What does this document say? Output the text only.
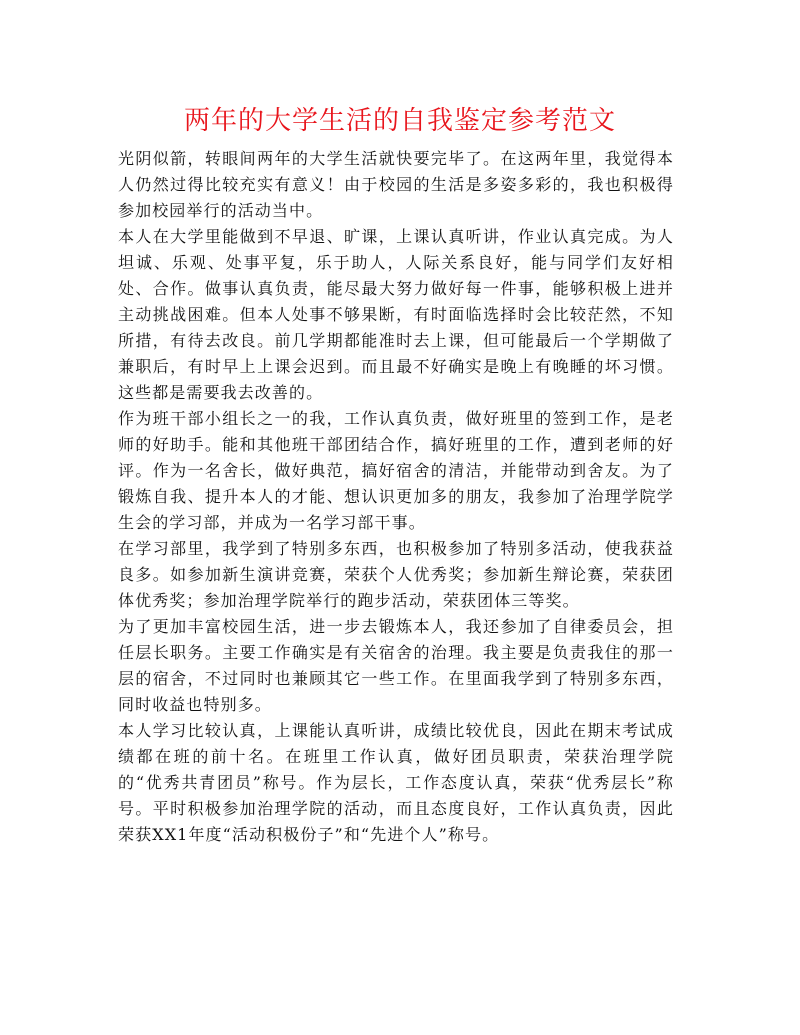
两年的大学生活的自我鉴定参考范文

光阴似箭，转眼间两年的大学生活就快要完毕了。在这两年里，我觉得本人仍然过得比较充实有意义！由于校园的生活是多姿多彩的，我也积极得参加校园举行的活动当中。

本人在大学里能做到不早退、旷课，上课认真听讲，作业认真完成。为人坦诚、乐观、处事平复，乐于助人，人际关系良好，能与同学们友好相处、合作。做事认真负责，能尽最大努力做好每一件事，能够积极上进并主动挑战困难。但本人处事不够果断，有时面临选择时会比较茫然，不知所措，有待去改良。前几学期都能准时去上课，但可能最后一个学期做了兼职后，有时早上上课会迟到。而且最不好确实是晚上有晚睡的坏习惯。这些都是需要我去改善的。

作为班干部小组长之一的我，工作认真负责，做好班里的签到工作，是老师的好助手。能和其他班干部团结合作，搞好班里的工作，遭到老师的好评。作为一名舍长，做好典范，搞好宿舍的清洁，并能带动到舍友。为了锻炼自我、提升本人的才能、想认识更加多的朋友，我参加了治理学院学生会的学习部，并成为一名学习部干事。

在学习部里，我学到了特别多东西，也积极参加了特别多活动，使我获益良多。如参加新生演讲竞赛，荣获个人优秀奖；参加新生辩论赛，荣获团体优秀奖；参加治理学院举行的跑步活动，荣获团体三等奖。

为了更加丰富校园生活，进一步去锻炼本人，我还参加了自律委员会，担任层长职务。主要工作确实是有关宿舍的治理。我主要是负责我住的那一层的宿舍，不过同时也兼顾其它一些工作。在里面我学到了特别多东西，同时收益也特别多。

本人学习比较认真，上课能认真听讲，成绩比较优良，因此在期末考试成绩都在班的前十名。在班里工作认真，做好团员职责，荣获治理学院的“优秀共青团员”称号。作为层长，工作态度认真，荣获“优秀层长”称号。平时积极参加治理学院的活动，而且态度良好，工作认真负责，因此荣获XX1年度“活动积极份子”和“先进个人”称号。
